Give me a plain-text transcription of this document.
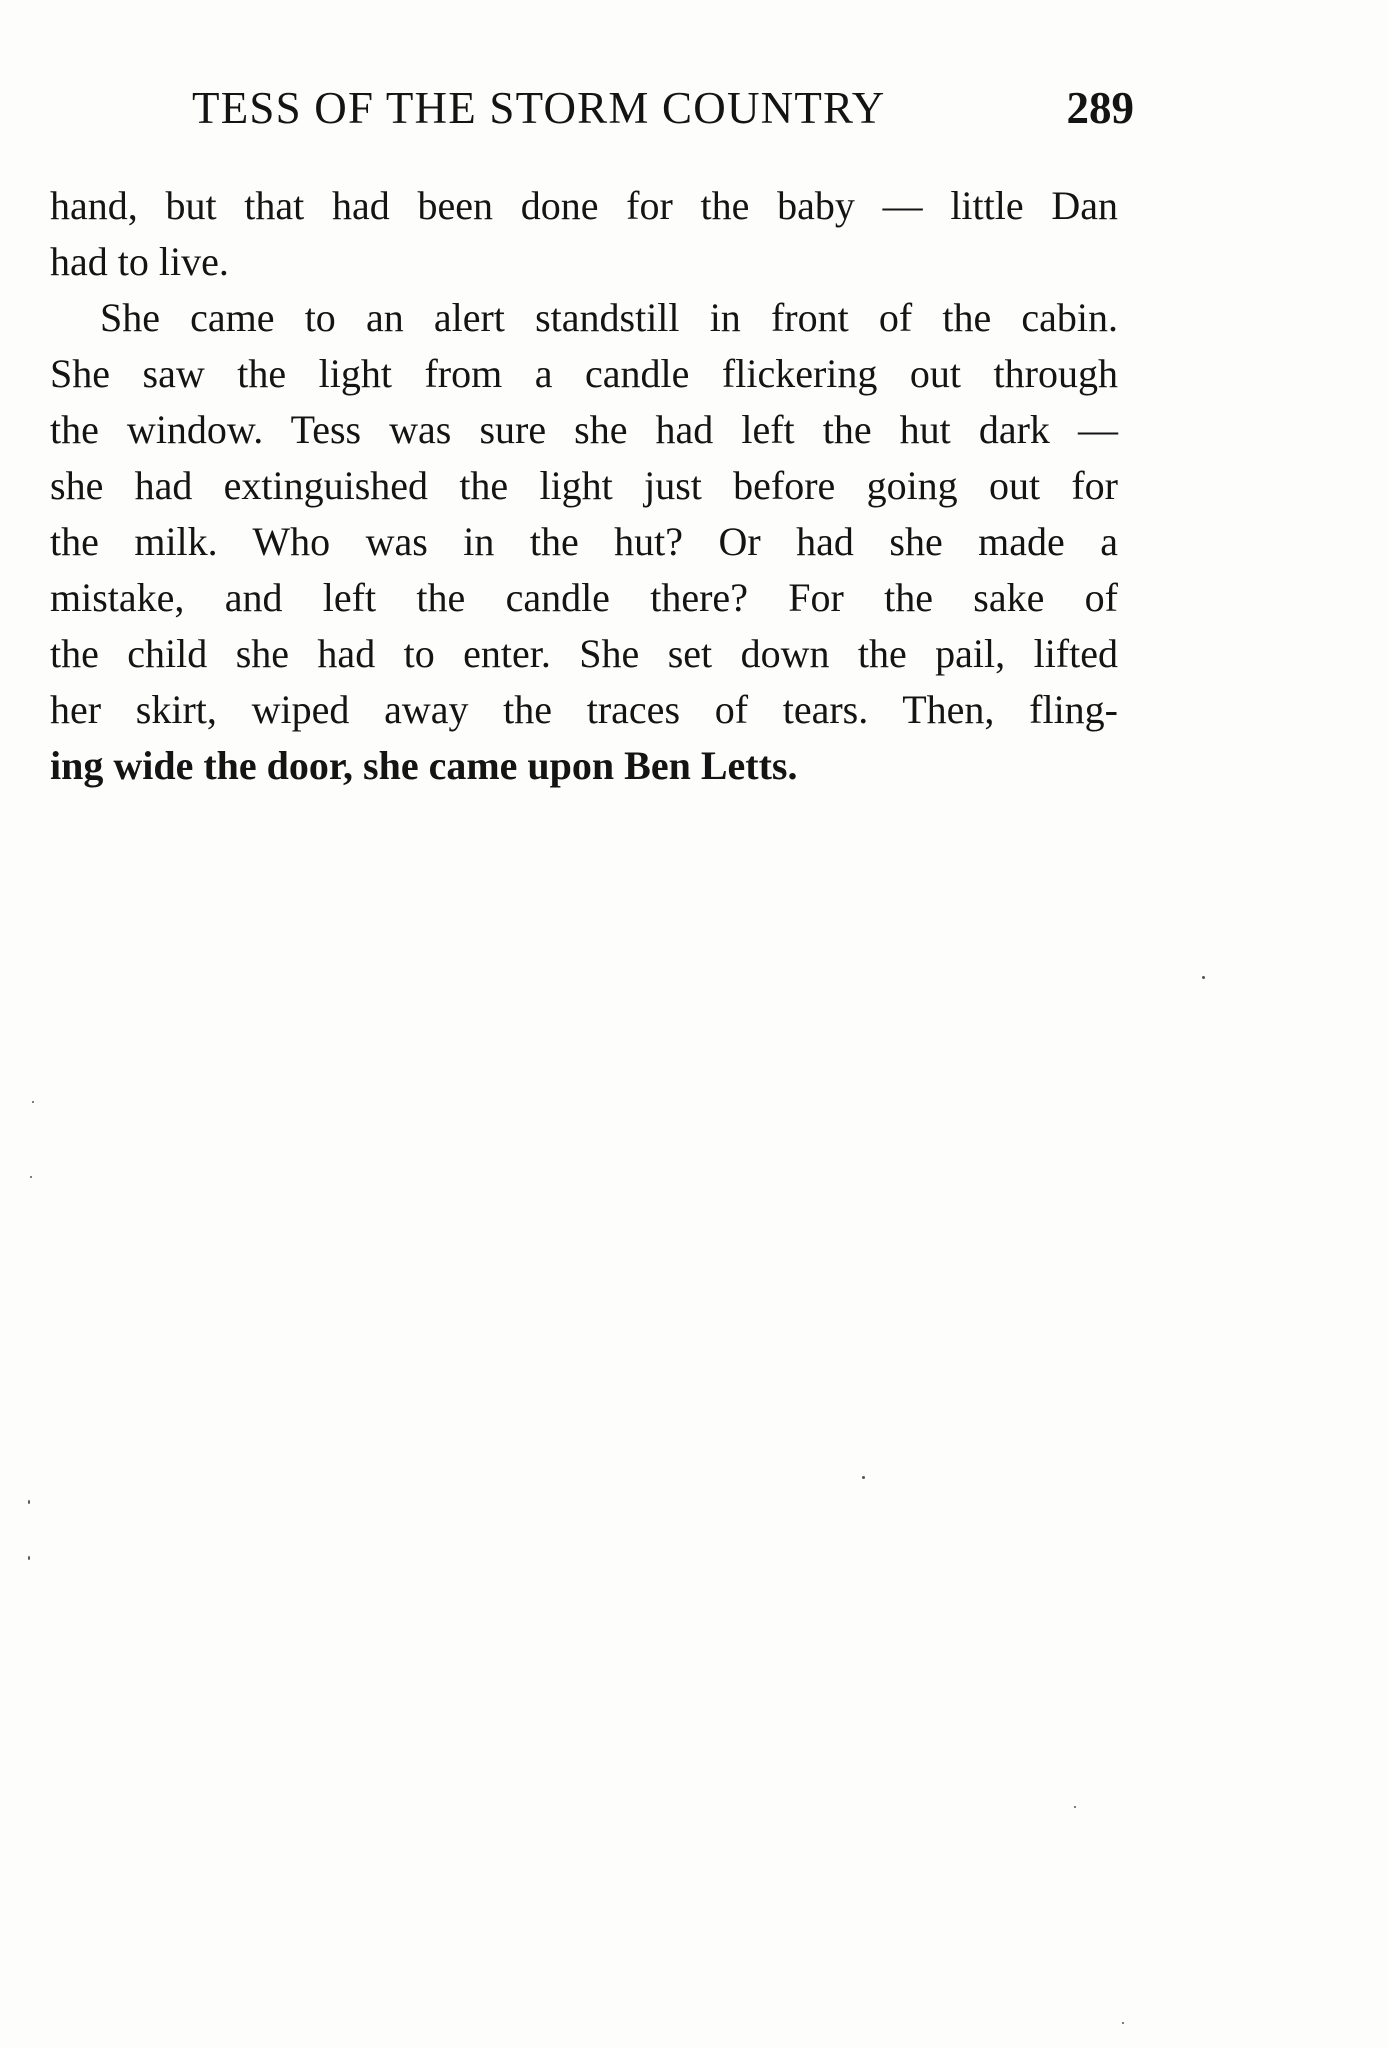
TESS OF THE STORM COUNTRY	289
hand, but that had been done for the baby — little Dan
had to live.
She came to an alert standstill in front of the cabin.
She saw the light from a candle flickering out through
the window. Tess was sure she had left the hut dark —
she had extinguished the light just before going out for
the milk. Who was in the hut? Or had she made a
mistake, and left the candle there? For the sake of
the child she had to enter. She set down the pail, lifted
her skirt, wiped away the traces of tears. Then, fling-
ing wide the door, she came upon Ben Letts.
